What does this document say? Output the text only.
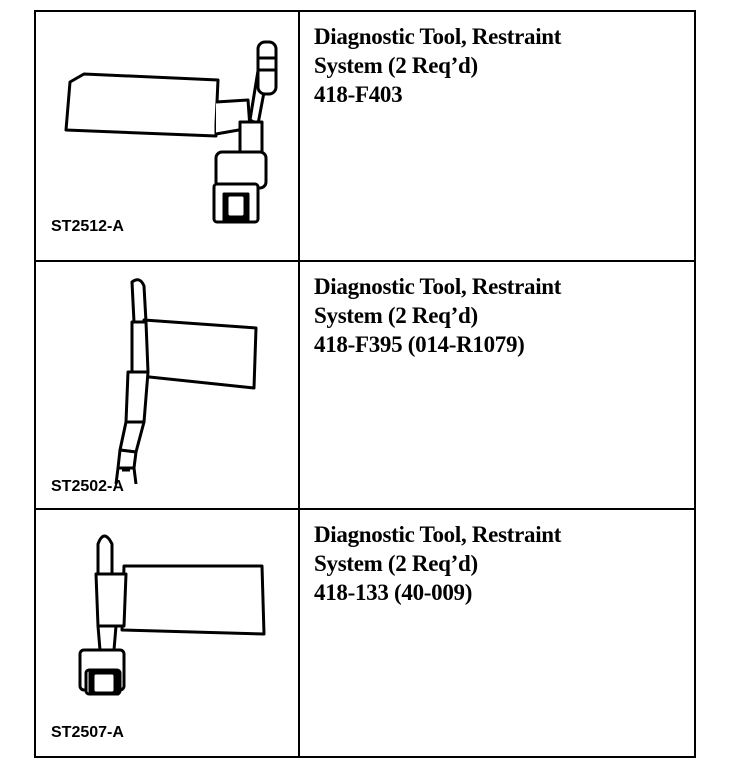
ST2512-A
Diagnostic Tool, Restraint
System (2 Req’d)
418-F403
ST2502-A
Diagnostic Tool, Restraint
System (2 Req’d)
418-F395 (014-R1079)
ST2507-A
Diagnostic Tool, Restraint
System (2 Req’d)
418-133 (40-009)
